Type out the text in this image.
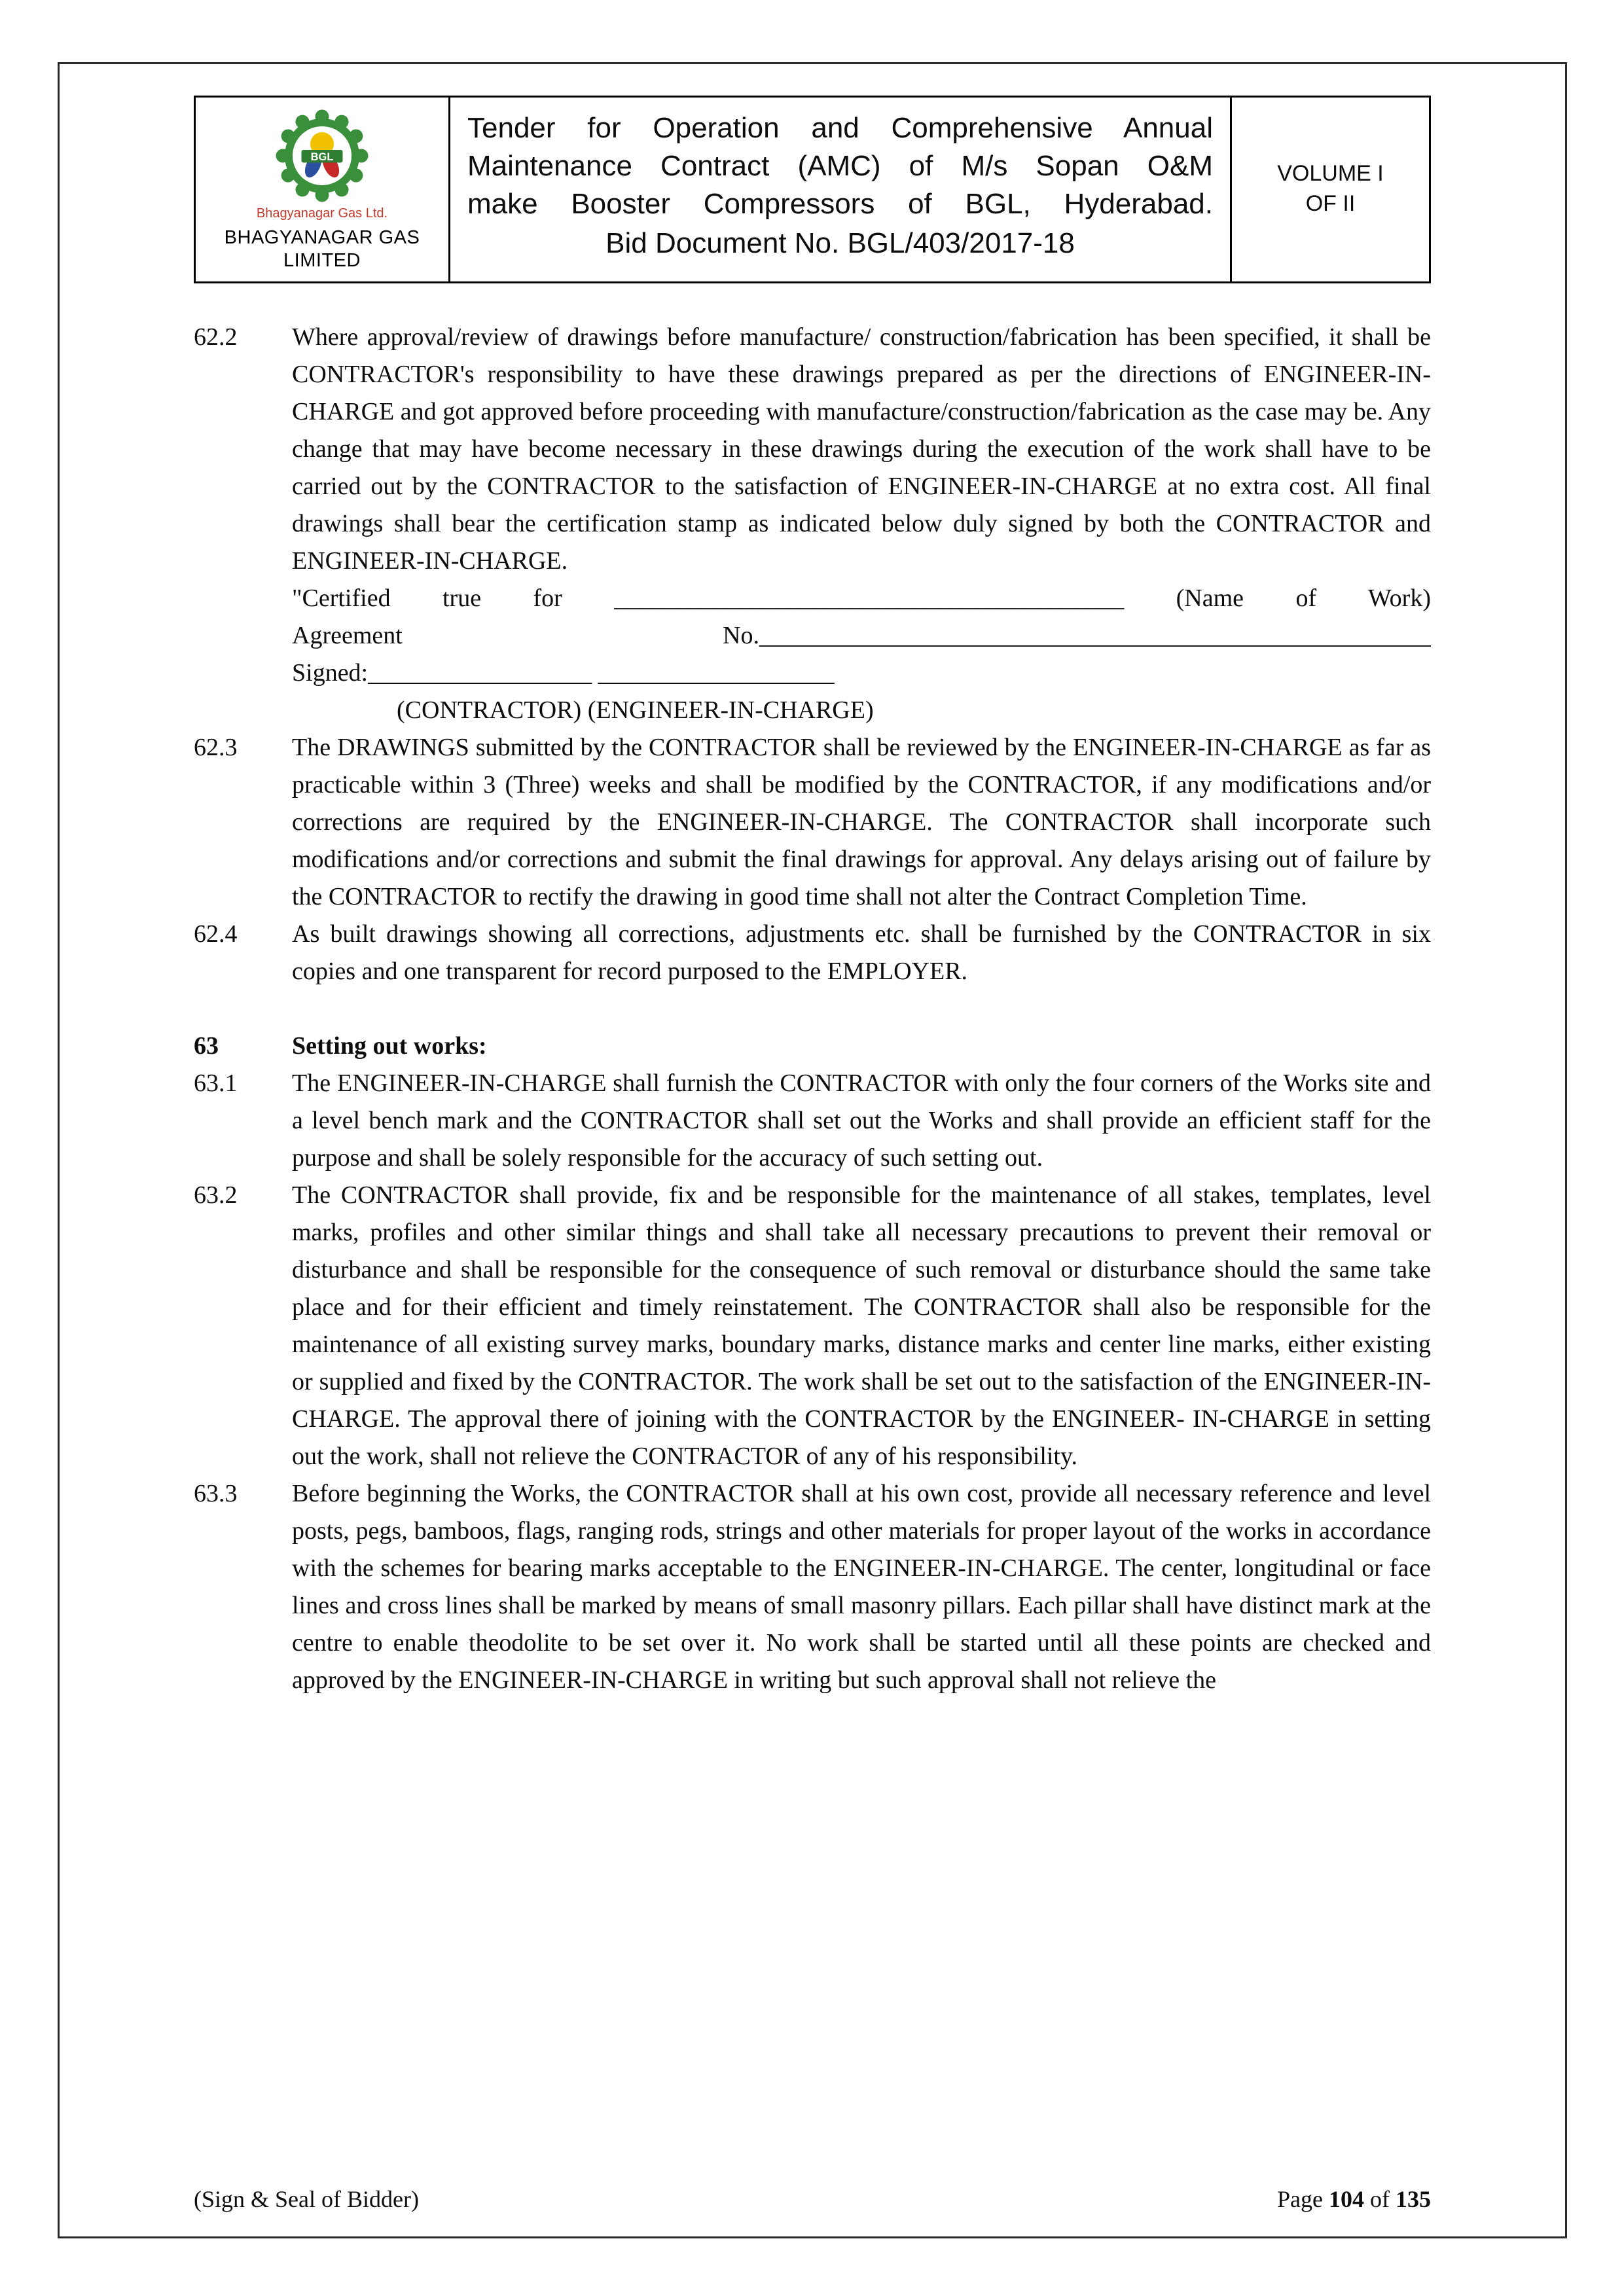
BGL
Bhagyanagar Gas Ltd.
BHAGYANAGAR GAS
LIMITED
Tender for Operation and Comprehensive Annual
Maintenance Contract (AMC) of M/s Sopan O&M
make Booster Compressors of BGL, Hyderabad.
Bid Document No. BGL/403/2017-18
VOLUME I
OF II
62.2	Where approval/review of drawings before manufacture/ construction/fabrication has been specified, it shall be CONTRACTOR's responsibility to have these drawings prepared as per the directions of ENGINEER-IN-CHARGE and got approved before proceeding with manufacture/construction/fabrication as the case may be. Any change that may have become necessary in these drawings during the execution of the work shall have to be carried out by the CONTRACTOR to the satisfaction of ENGINEER-IN-CHARGE at no extra cost. All final drawings shall bear the certification stamp as indicated below duly signed by both the CONTRACTOR and ENGINEER-IN-CHARGE.
"Certified true for _________________________________________ (Name of Work)
Agreement No.______________________________________________________
Signed:__________________ ___________________
(CONTRACTOR) (ENGINEER-IN-CHARGE)
62.3	The DRAWINGS submitted by the CONTRACTOR shall be reviewed by the ENGINEER-IN-CHARGE as far as practicable within 3 (Three) weeks and shall be modified by the CONTRACTOR, if any modifications and/or corrections are required by the ENGINEER-IN-CHARGE. The CONTRACTOR shall incorporate such modifications and/or corrections and submit the final drawings for approval. Any delays arising out of failure by the CONTRACTOR to rectify the drawing in good time shall not alter the Contract Completion Time.
62.4	As built drawings showing all corrections, adjustments etc. shall be furnished by the CONTRACTOR in six copies and one transparent for record purposed to the EMPLOYER.
63	Setting out works:
63.1	The ENGINEER-IN-CHARGE shall furnish the CONTRACTOR with only the four corners of the Works site and a level bench mark and the CONTRACTOR shall set out the Works and shall provide an efficient staff for the purpose and shall be solely responsible for the accuracy of such setting out.
63.2	The CONTRACTOR shall provide, fix and be responsible for the maintenance of all stakes, templates, level marks, profiles and other similar things and shall take all necessary precautions to prevent their removal or disturbance and shall be responsible for the consequence of such removal or disturbance should the same take place and for their efficient and timely reinstatement. The CONTRACTOR shall also be responsible for the maintenance of all existing survey marks, boundary marks, distance marks and center line marks, either existing or supplied and fixed by the CONTRACTOR. The work shall be set out to the satisfaction of the ENGINEER-IN-CHARGE. The approval there of joining with the CONTRACTOR by the ENGINEER- IN-CHARGE in setting out the work, shall not relieve the CONTRACTOR of any of his responsibility.
63.3	Before beginning the Works, the CONTRACTOR shall at his own cost, provide all necessary reference and level posts, pegs, bamboos, flags, ranging rods, strings and other materials for proper layout of the works in accordance with the schemes for bearing marks acceptable to the ENGINEER-IN-CHARGE. The center, longitudinal or face lines and cross lines shall be marked by means of small masonry pillars. Each pillar shall have distinct mark at the centre to enable theodolite to be set over it. No work shall be started until all these points are checked and approved by the ENGINEER-IN-CHARGE in writing but such approval shall not relieve the
(Sign & Seal of Bidder)	Page 104 of 135
